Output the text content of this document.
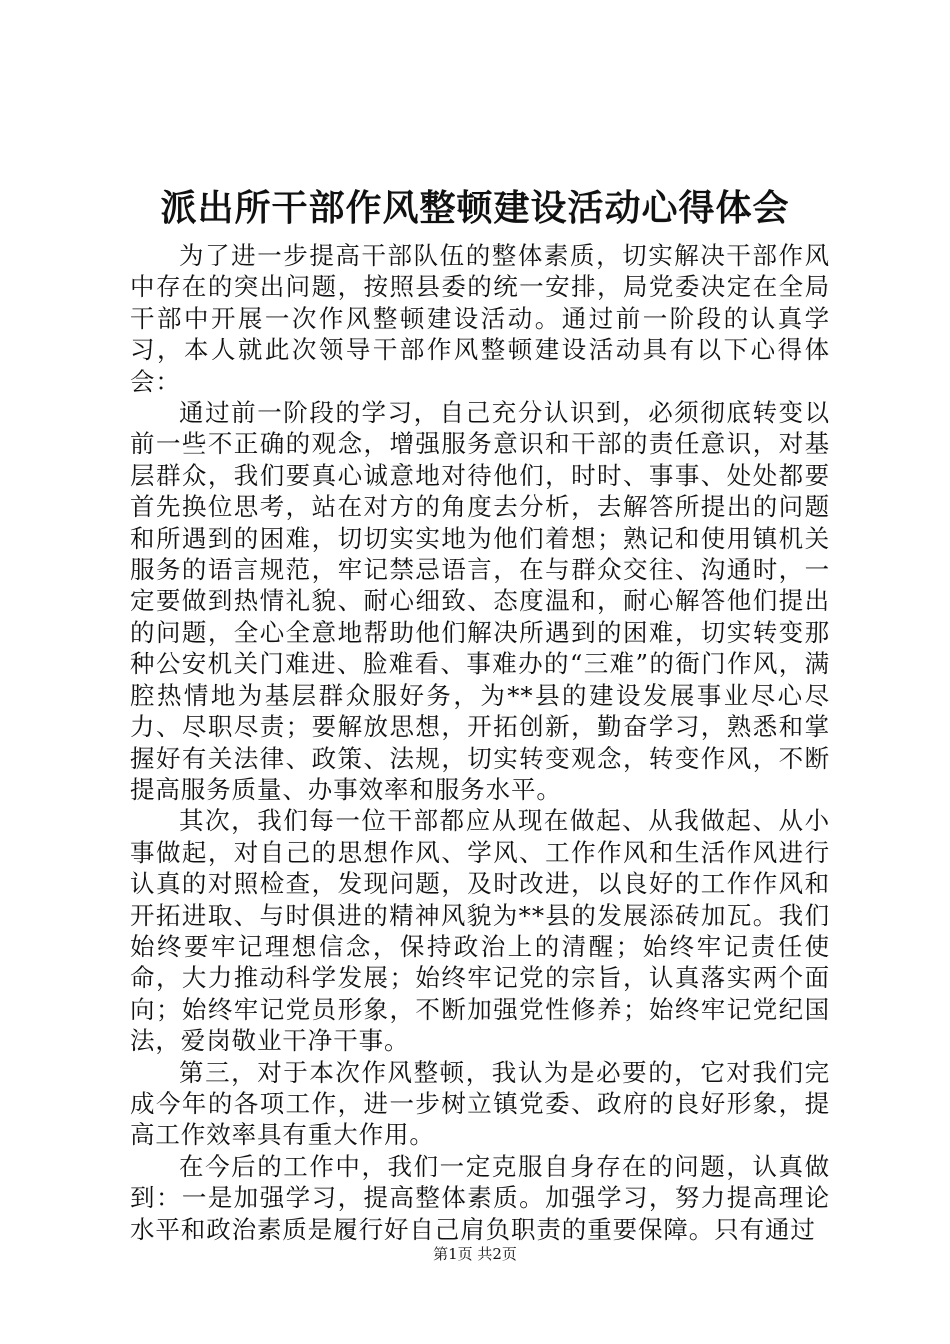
派出所干部作风整顿建设活动心得体会

为了进一步提高干部队伍的整体素质，切实解决干部作风中存在的突出问题，按照县委的统一安排，局党委决定在全局干部中开展一次作风整顿建设活动。通过前一阶段的认真学习，本人就此次领导干部作风整顿建设活动具有以下心得体会：

通过前一阶段的学习，自己充分认识到，必须彻底转变以前一些不正确的观念，增强服务意识和干部的责任意识，对基层群众，我们要真心诚意地对待他们，时时、事事、处处都要首先换位思考，站在对方的角度去分析，去解答所提出的问题和所遇到的困难，切切实实地为他们着想；熟记和使用镇机关服务的语言规范，牢记禁忌语言，在与群众交往、沟通时，一定要做到热情礼貌、耐心细致、态度温和，耐心解答他们提出的问题，全心全意地帮助他们解决所遇到的困难，切实转变那种公安机关门难进、脸难看、事难办的“三难”的衙门作风，满腔热情地为基层群众服好务，为**县的建设发展事业尽心尽力、尽职尽责；要解放思想，开拓创新，勤奋学习，熟悉和掌握好有关法律、政策、法规，切实转变观念，转变作风，不断提高服务质量、办事效率和服务水平。

其次，我们每一位干部都应从现在做起、从我做起、从小事做起，对自己的思想作风、学风、工作作风和生活作风进行认真的对照检查，发现问题，及时改进，以良好的工作作风和开拓进取、与时俱进的精神风貌为**县的发展添砖加瓦。我们始终要牢记理想信念，保持政治上的清醒；始终牢记责任使命，大力推动科学发展；始终牢记党的宗旨，认真落实两个面向；始终牢记党员形象，不断加强党性修养；始终牢记党纪国法，爱岗敬业干净干事。

第三，对于本次作风整顿，我认为是必要的，它对我们完成今年的各项工作，进一步树立镇党委、政府的良好形象，提高工作效率具有重大作用。

在今后的工作中，我们一定克服自身存在的问题，认真做到：一是加强学习，提高整体素质。加强学习，努力提高理论水平和政治素质是履行好自己肩负职责的重要保障。只有通过

第1页 共2页
